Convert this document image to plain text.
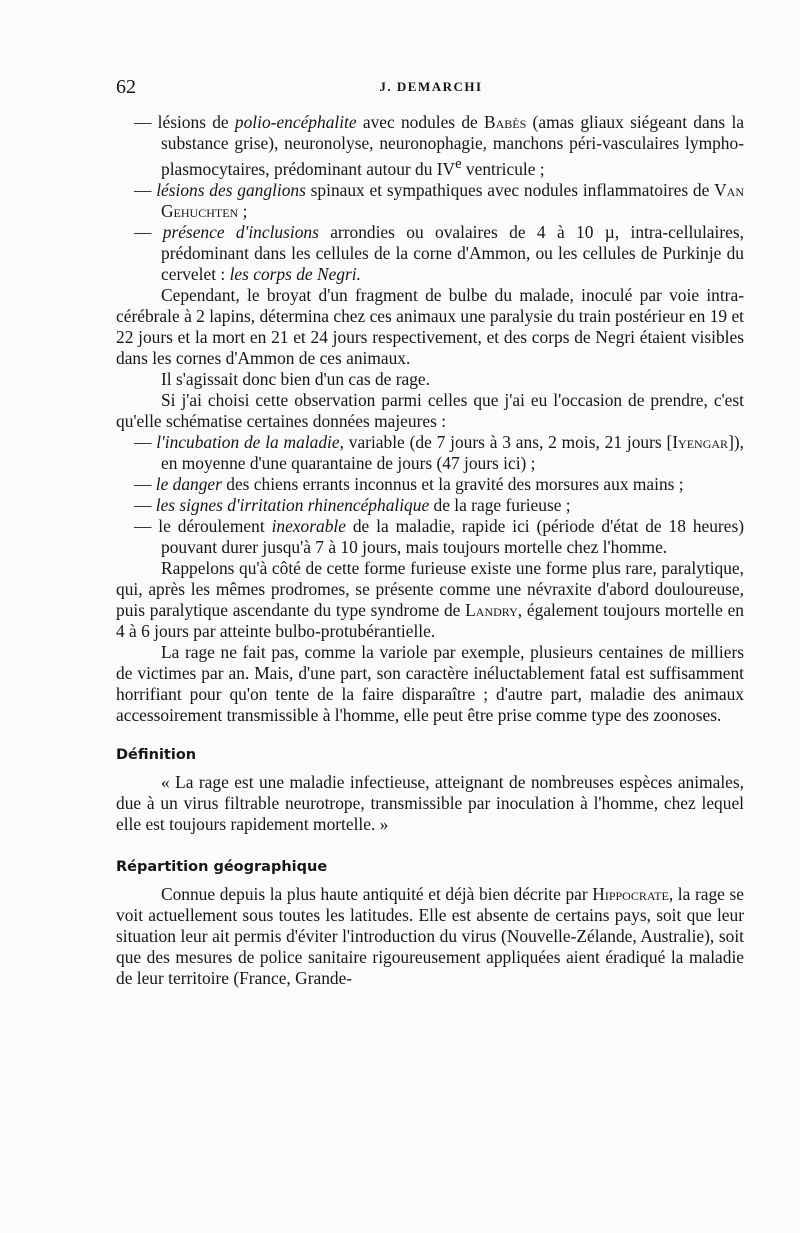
62	J. DEMARCHI

— lésions de polio-encéphalite avec nodules de Babès (amas gliaux siégeant dans la substance grise), neuronolyse, neuronophagie, manchons péri-vasculaires lympho-plasmocytaires, prédominant autour du IVe ventricule ;

— lésions des ganglions spinaux et sympathiques avec nodules inflammatoires de Van Gehuchten ;

— présence d'inclusions arrondies ou ovalaires de 4 à 10 µ, intra-cellulaires, prédominant dans les cellules de la corne d'Ammon, ou les cellules de Purkinje du cervelet : les corps de Negri.

Cependant, le broyat d'un fragment de bulbe du malade, inoculé par voie intra-cérébrale à 2 lapins, détermina chez ces animaux une paralysie du train postérieur en 19 et 22 jours et la mort en 21 et 24 jours respectivement, et des corps de Negri étaient visibles dans les cornes d'Ammon de ces animaux.

Il s'agissait donc bien d'un cas de rage.

Si j'ai choisi cette observation parmi celles que j'ai eu l'occasion de prendre, c'est qu'elle schématise certaines données majeures :

— l'incubation de la maladie, variable (de 7 jours à 3 ans, 2 mois, 21 jours [Iyengar]), en moyenne d'une quarantaine de jours (47 jours ici) ;

— le danger des chiens errants inconnus et la gravité des morsures aux mains ;

— les signes d'irritation rhinencéphalique de la rage furieuse ;

— le déroulement inexorable de la maladie, rapide ici (période d'état de 18 heures) pouvant durer jusqu'à 7 à 10 jours, mais toujours mortelle chez l'homme.

Rappelons qu'à côté de cette forme furieuse existe une forme plus rare, paralytique, qui, après les mêmes prodromes, se présente comme une névraxite d'abord douloureuse, puis paralytique ascendante du type syndrome de Landry, également toujours mortelle en 4 à 6 jours par atteinte bulbo-protubérantielle.

La rage ne fait pas, comme la variole par exemple, plusieurs centaines de milliers de victimes par an. Mais, d'une part, son caractère inéluctablement fatal est suffisamment horrifiant pour qu'on tente de la faire disparaître ; d'autre part, maladie des animaux accessoirement transmissible à l'homme, elle peut être prise comme type des zoonoses.

Définition

« La rage est une maladie infectieuse, atteignant de nombreuses espèces animales, due à un virus filtrable neurotrope, transmissible par inoculation à l'homme, chez lequel elle est toujours rapidement mortelle. »

Répartition géographique

Connue depuis la plus haute antiquité et déjà bien décrite par Hippocrate, la rage se voit actuellement sous toutes les latitudes. Elle est absente de certains pays, soit que leur situation leur ait permis d'éviter l'introduction du virus (Nouvelle-Zélande, Australie), soit que des mesures de police sanitaire rigoureusement appliquées aient éradiqué la maladie de leur territoire (France, Grande-
